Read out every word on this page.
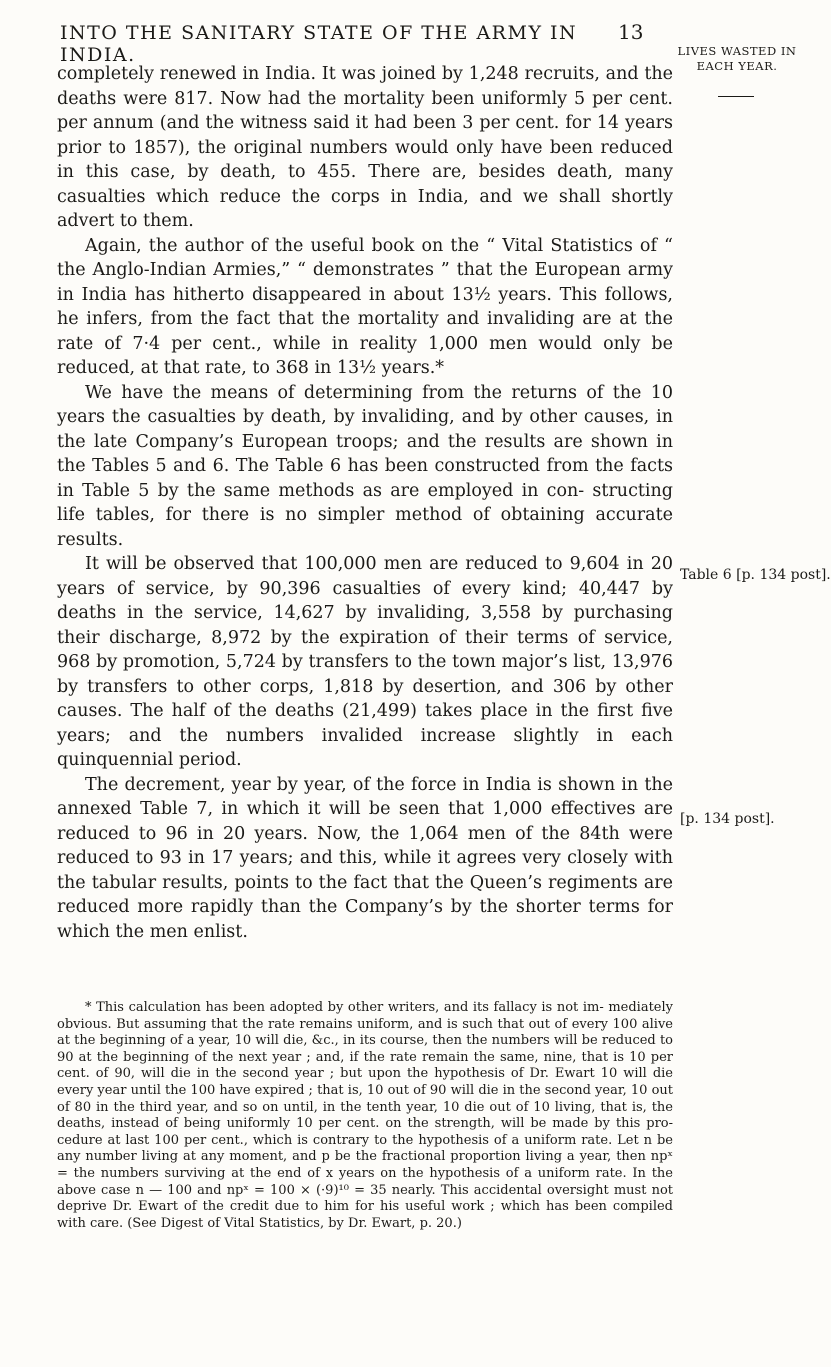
INTO THE SANITARY STATE OF THE ARMY IN INDIA.
13
LIVES WASTED IN EACH YEAR.

completely renewed in India. It was joined by 1,248 recruits, and the deaths were 817. Now had the mortality been uniformly 5 per cent. per annum (and the witness said it had been 3 per cent. for 14 years prior to 1857), the original numbers would only have been reduced in this case, by death, to 455. There are, besides death, many casualties which reduce the corps in India, and we shall shortly advert to them.

Again, the author of the useful book on the “ Vital Statistics of “ the Anglo-Indian Armies,” “ demonstrates ” that the European army in India has hitherto disappeared in about 13½ years. This follows, he infers, from the fact that the mortality and invaliding are at the rate of 7·4 per cent., while in reality 1,000 men would only be reduced, at that rate, to 368 in 13½ years.*

We have the means of determining from the returns of the 10 years the casualties by death, by invaliding, and by other causes, in the late Company’s European troops; and the results are shown in the Tables 5 and 6. The Table 6 has been constructed from the facts in Table 5 by the same methods as are employed in con- structing life tables, for there is no simpler method of obtaining accurate results.

It will be observed that 100,000 men are reduced to 9,604 in 20 years of service, by 90,396 casualties of every kind; 40,447 by deaths in the service, 14,627 by invaliding, 3,558 by purchasing their discharge, 8,972 by the expiration of their terms of service, 968 by promotion, 5,724 by transfers to the town major’s list, 13,976 by transfers to other corps, 1,818 by desertion, and 306 by other causes. The half of the deaths (21,499) takes place in the first five years; and the numbers invalided increase slightly in each quinquennial period.

The decrement, year by year, of the force in India is shown in the annexed Table 7, in which it will be seen that 1,000 effectives are reduced to 96 in 20 years. Now, the 1,064 men of the 84th were reduced to 93 in 17 years; and this, while it agrees very closely with the tabular results, points to the fact that the Queen’s regiments are reduced more rapidly than the Company’s by the shorter terms for which the men enlist.

Table 6 [p. 134 post].
[p. 134 post].

* This calculation has been adopted by other writers, and its fallacy is not im- mediately obvious. But assuming that the rate remains uniform, and is such that out of every 100 alive at the beginning of a year, 10 will die, &c., in its course, then the numbers will be reduced to 90 at the beginning of the next year ; and, if the rate remain the same, nine, that is 10 per cent. of 90, will die in the second year ; but upon the hypothesis of Dr. Ewart 10 will die every year until the 100 have expired ; that is, 10 out of 90 will die in the second year, 10 out of 80 in the third year, and so on until, in the tenth year, 10 die out of 10 living, that is, the deaths, instead of being uniformly 10 per cent. on the strength, will be made by this pro- cedure at last 100 per cent., which is contrary to the hypothesis of a uniform rate. Let n be any number living at any moment, and p be the fractional proportion living a year, then npˣ = the numbers surviving at the end of x years on the hypothesis of a uniform rate. In the above case n — 100 and npˣ = 100 × (·9)¹⁰ = 35 nearly. This accidental oversight must not deprive Dr. Ewart of the credit due to him for his useful work ; which has been compiled with care. (See Digest of Vital Statistics, by Dr. Ewart, p. 20.)
